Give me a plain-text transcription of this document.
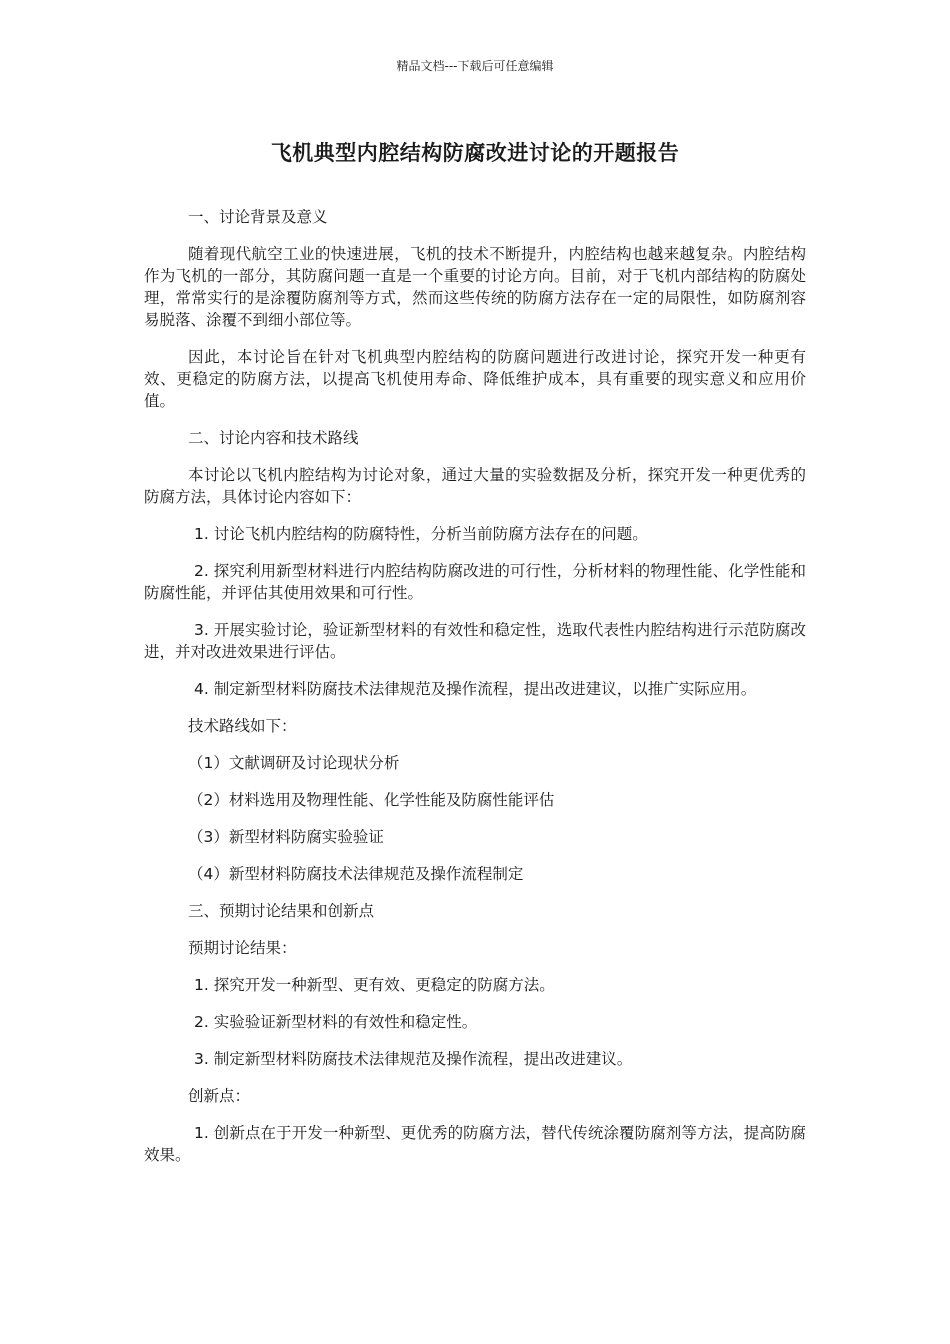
精品文档---下载后可任意编辑
飞机典型内腔结构防腐改进讨论的开题报告

一、讨论背景及意义

随着现代航空工业的快速进展，飞机的技术不断提升，内腔结构也越来越复杂。内腔结构作为飞机的一部分，其防腐问题一直是一个重要的讨论方向。目前，对于飞机内部结构的防腐处理，常常实行的是涂覆防腐剂等方式，然而这些传统的防腐方法存在一定的局限性，如防腐剂容易脱落、涂覆不到细小部位等。

因此，本讨论旨在针对飞机典型内腔结构的防腐问题进行改进讨论，探究开发一种更有效、更稳定的防腐方法，以提高飞机使用寿命、降低维护成本，具有重要的现实意义和应用价值。

二、讨论内容和技术路线

本讨论以飞机内腔结构为讨论对象，通过大量的实验数据及分析，探究开发一种更优秀的防腐方法，具体讨论内容如下：

1. 讨论飞机内腔结构的防腐特性，分析当前防腐方法存在的问题。

2. 探究利用新型材料进行内腔结构防腐改进的可行性，分析材料的物理性能、化学性能和防腐性能，并评估其使用效果和可行性。

3. 开展实验讨论，验证新型材料的有效性和稳定性，选取代表性内腔结构进行示范防腐改进，并对改进效果进行评估。

4. 制定新型材料防腐技术法律规范及操作流程，提出改进建议，以推广实际应用。

技术路线如下：

（1）文献调研及讨论现状分析

（2）材料选用及物理性能、化学性能及防腐性能评估

（3）新型材料防腐实验验证

（4）新型材料防腐技术法律规范及操作流程制定

三、预期讨论结果和创新点

预期讨论结果：

1. 探究开发一种新型、更有效、更稳定的防腐方法。

2. 实验验证新型材料的有效性和稳定性。

3. 制定新型材料防腐技术法律规范及操作流程，提出改进建议。

创新点：

1. 创新点在于开发一种新型、更优秀的防腐方法，替代传统涂覆防腐剂等方法，提高防腐效果。
